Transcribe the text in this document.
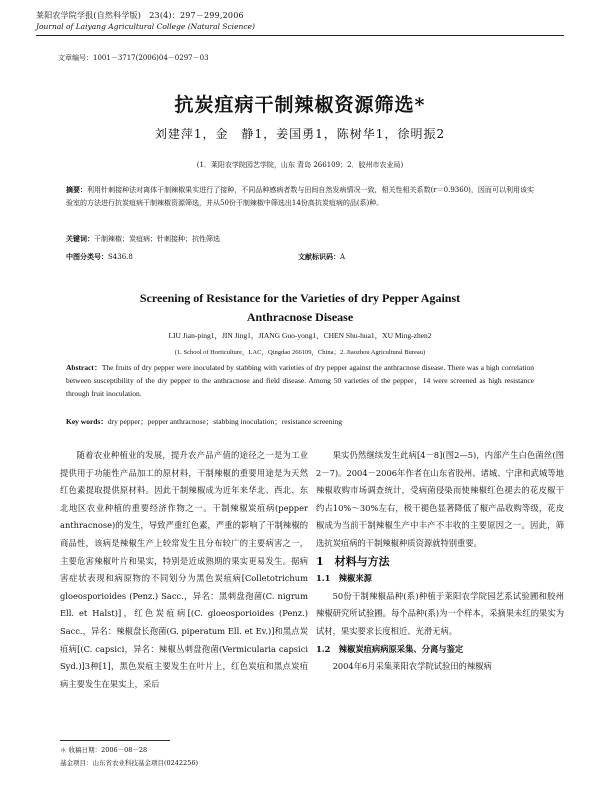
莱阳农学院学报(自然科学版)　23(4)：297－299,2006
Journal of Laiyang Agricultural College (Natural Science)
文章编号：1001－3717(2006)04－0297－03
抗炭疽病干制辣椒资源筛选*
刘建萍1，金　静1，姜国勇1，陈树华1，徐明振2
(1．莱阳农学院园艺学院，山东 青岛 266109；2．胶州市农业局)
摘要：利用针刺接种法对离体干制辣椒果实进行了接种，不同品种感病者数与田间自然发病情况一致，相关性相关系数(r＝0.9360)，因而可以利用该实验室的方法进行抗炭疽病干制辣椒资源筛选，并从50份干制辣椒中筛选出14份高抗炭疽病的品(系)种。
关键词：干制辣椒；炭疽病；针刺接种；抗性筛选
中图分类号：S436.8	文献标识码：A
Screening of Resistance for the Varieties of dry Pepper Against
Anthracnose Disease
LIU Jian-ping1，JIN Jing1，JIANG Guo-yong1，CHEN Shu-hua1，XU Ming-zhen2
(1. School of Horticulture，LAC，Qingdao 266109，China；2. Jiaozhou Agricultural Bureau)
Abstract：The fruits of dry pepper were inoculated by stabbing with varieties of dry pepper against the anthracnose disease. There was a high correlation between susceptibility of the dry pepper to the anthracnose and field disease. Among 50 varieties of the pepper，14 were screened as high resistance through fruit inoculation.
Key words：dry pepper；pepper anthracnose；stabbing inoculation；resistance screening

随着农业种植业的发展，提升农产品产值的途径之一是为工业提供用于功能性产品加工的原材料，干制辣椒的重要用途是为天然红色素提取提供原材料。因此干制辣椒成为近年来华北、西北、东北地区农业种植的重要经济作物之一。干制辣椒炭疽病(pepper anthracnose)的发生，导致严重红色素，严重的影响了干制辣椒的商品性，该病是辣椒生产上较常发生且分布较广的主要病害之一，主要危害辣椒叶片和果实，特别是近成熟期的果实更易发生。据病害症状表现和病原物的不同划分为黑色炭疽病[Colletotrichum gloeosporioides (Penz.) Sacc.，异名：黑刺盘孢菌(C. nigrum Ell. et Halst)]，红色炭疽病[(C. gloeosporioides (Penz.) Sacc.，异名：辣椒盘长孢菌(G. piperatum Ell. et Ev.)]和黑点炭疽病[(C. capsici，异名：辣椒丛刺盘孢菌(Vermicularia capsici Syd.)]3种[1]，黑色炭疽主要发生在叶片上，红色炭疽和黑点炭疽病主要发生在果实上，采后

果实仍然继续发生此病[4－8](图2—5)，内部产生白色菌丝(图2－7)。2004－2006年作者在山东省胶州、诸城、宁津和武城等地辣椒收购市场调查统计，受病菌侵染而使辣椒红色褪去的花皮椒干约占10%～30%左右，极干褪色显著降低了椒产品收购等级，花皮椒成为当前干制辣椒生产中丰产不丰收的主要原因之一。因此，筛选抗炭疽病的干制辣椒种质资源就特别重要。

1　材料与方法

1.1　辣椒来源

50份干制辣椒品种(系)种植于莱阳农学院园艺系试验圃和胶州辣椒研究所试验圃。每个品种(系)为一个样本，采摘果未红的果实为试材，果实要求长度相近、光滑无病。

1.2　辣椒炭疽病病原采集、分离与鉴定

2004年6月采集莱阳农学院试验田的辣椒病

＊ 收稿日期：2006－08－28
基金项目：山东省农业科技基金项目(0242256)
